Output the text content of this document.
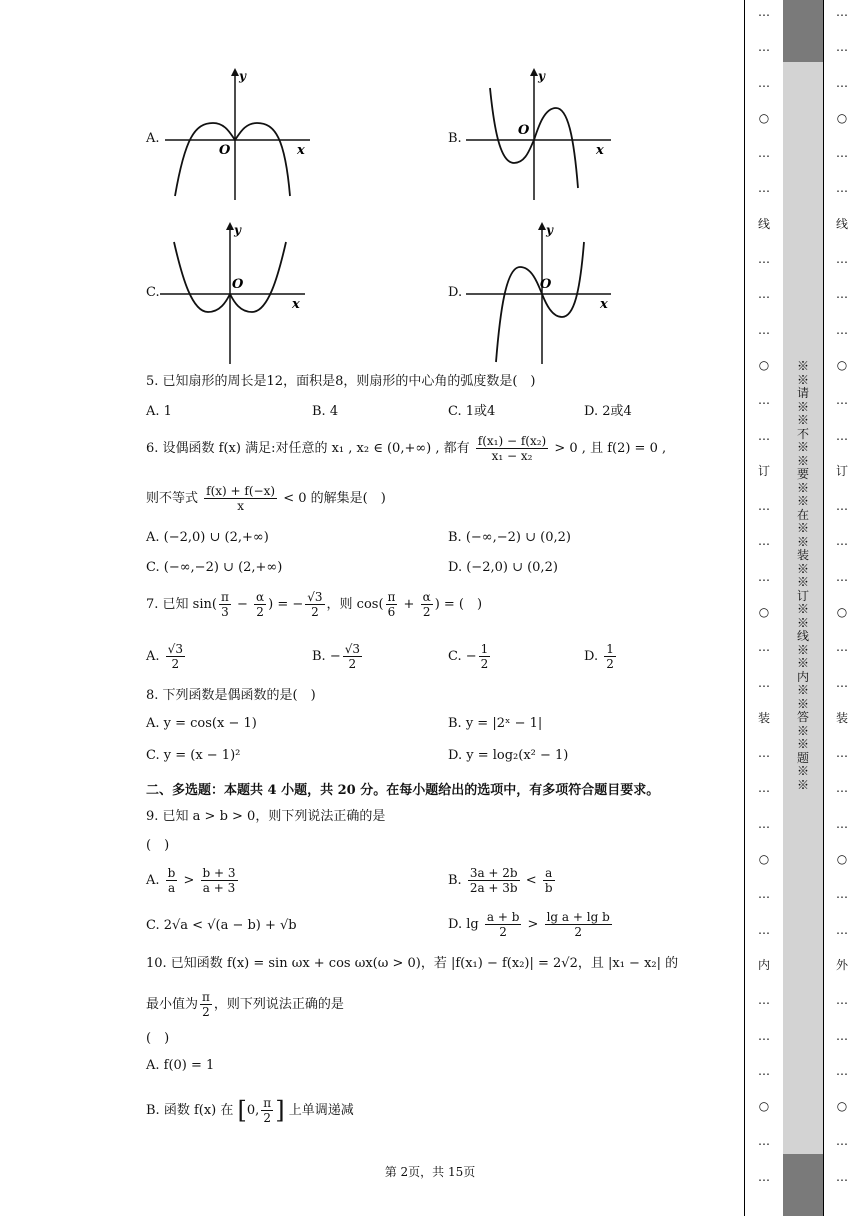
A.
y
x
O
B.
y
x
O
C.
y
x
O
D.
y
x
O
5. 已知扇形的周长是12，面积是8，则扇形的中心角的弧度数是(　)
A. 1	B. 4	C. 1或4	D. 2或4
6. 设偶函数 f(x) 满足:对任意的 x₁ , x₂ ∈ (0,+∞) , 都有 $\frac{\text{f(x₁) − f(x₂)}}{\text{x₁ − x₂}} > 0$ , 且 f(2) = 0 ,
则不等式 $\frac{f(x) + f(-x)}{x} < 0$ 的解集是(　)
A. (−2,0) ∪ (2,+∞)	B. (−∞,−2) ∪ (0,2)
C. (−∞,−2) ∪ (2,+∞)	D. (−2,0) ∪ (0,2)
7. 已知 $\sin( \frac{\pi}{3} - \frac{\alpha}{2}$ ) = − $\frac{√3}{2}$ ，则 $\cos( \frac{\pi}{6} + \frac{\alpha}{2}$ ) = (　)
A. $\frac{√3}{2}$	B. − $\frac{√3}{2}$	C. − $\frac{1}{2}$	D. $\frac{1}{2}$
8. 下列函数是偶函数的是(　)
A. y = cos(x − 1)	B. y = |2ˣ − 1|
C. y = (x − 1)²	D. y = log₂(x² − 1)
二、多选题：本题共 4 小题，共 20 分。在每小题给出的选项中，有多项符合题目要求。
9. 已知 a > b > 0，则下列说法正确的是
(　)
A. $\frac{b}{a} > \frac{b + 3}{a + 3}$	B. $\frac{3a + 2b}{2a + 3b} < \frac{a}{b}$
C. 2√a < √(a − b) + √b	D. $\lg \frac{a + b}{2} > \frac{\text{lg a + lg b}}{2}$
10. 已知函数 f(x) = sin ωx + cos ωx(ω > 0)，若 |f(x₁) − f(x₂)| = 2√2，且 |x₁ − x₂| 的
最小值为 $\frac{\pi}{2}$ ，则下列说法正确的是
(　)
A. f(0) = 1
B. 函数 f(x) 在 [0, $\frac{\pi}{2}$ ] 上单调递减
第 2页，共 15页
…
…
…
○
…
…
线
…
…
…
○
…
…
订
…
…
…
○
…
…
装
…
…
…
○
…
…
内
…
…
…
○
…
…
※※请※※不※※要※※在※※装※※订※※线※※内※※答※※题※※
…
…
…
○
…
…
线
…
…
…
○
…
…
订
…
…
…
○
…
…
装
…
…
…
○
…
…
外
…
…
…
○
…
…
